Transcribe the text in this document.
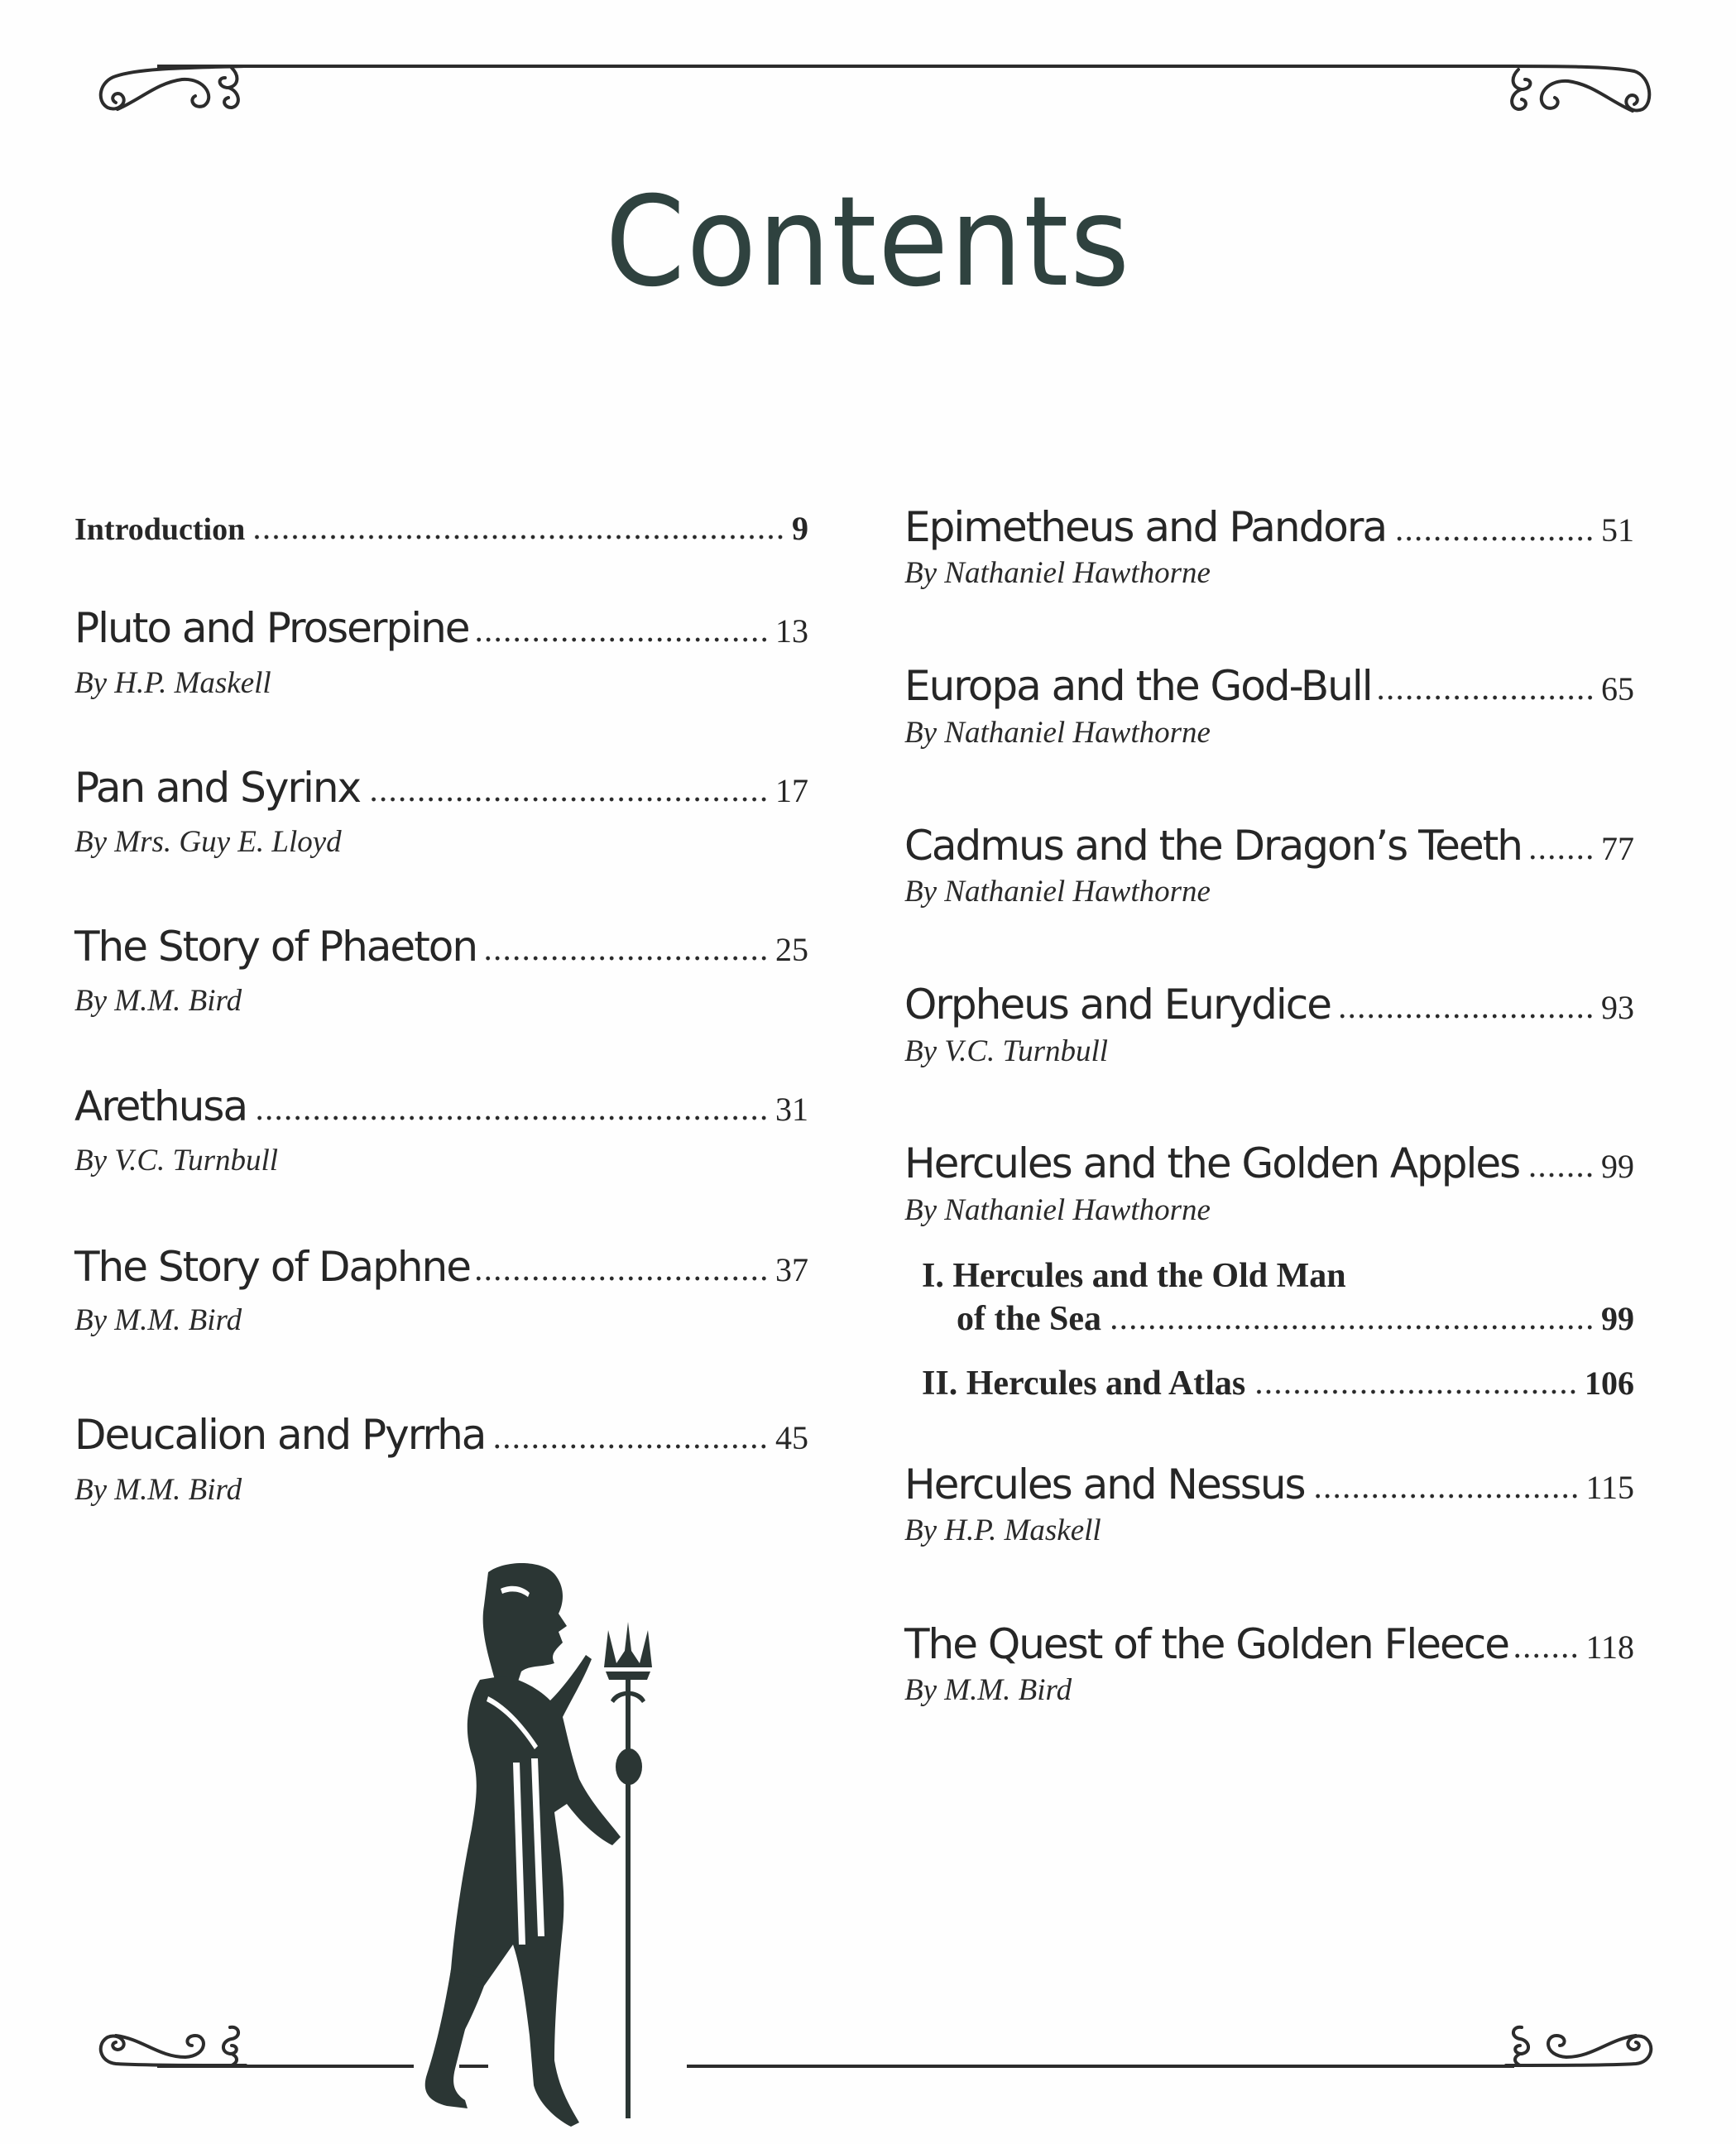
Contents
Introduction	9
Pluto and Proserpine	13
By H.P. Maskell
Pan and Syrinx	17
By Mrs. Guy E. Lloyd
The Story of Phaeton	25
By M.M. Bird
Arethusa	31
By V.C. Turnbull
The Story of Daphne	37
By M.M. Bird
Deucalion and Pyrrha	45
By M.M. Bird
Epimetheus and Pandora	51
By Nathaniel Hawthorne
Europa and the God-Bull	65
By Nathaniel Hawthorne
Cadmus and the Dragon’s Teeth 77
By Nathaniel Hawthorne
Orpheus and Eurydice	93
By V.C. Turnbull
Hercules and the Golden Apples 99
By Nathaniel Hawthorne
I. Hercules and the Old Man
of the Sea	99
II. Hercules and Atlas	106
Hercules and Nessus	115
By H.P. Maskell
The Quest of the Golden Fleece 118
By M.M. Bird
